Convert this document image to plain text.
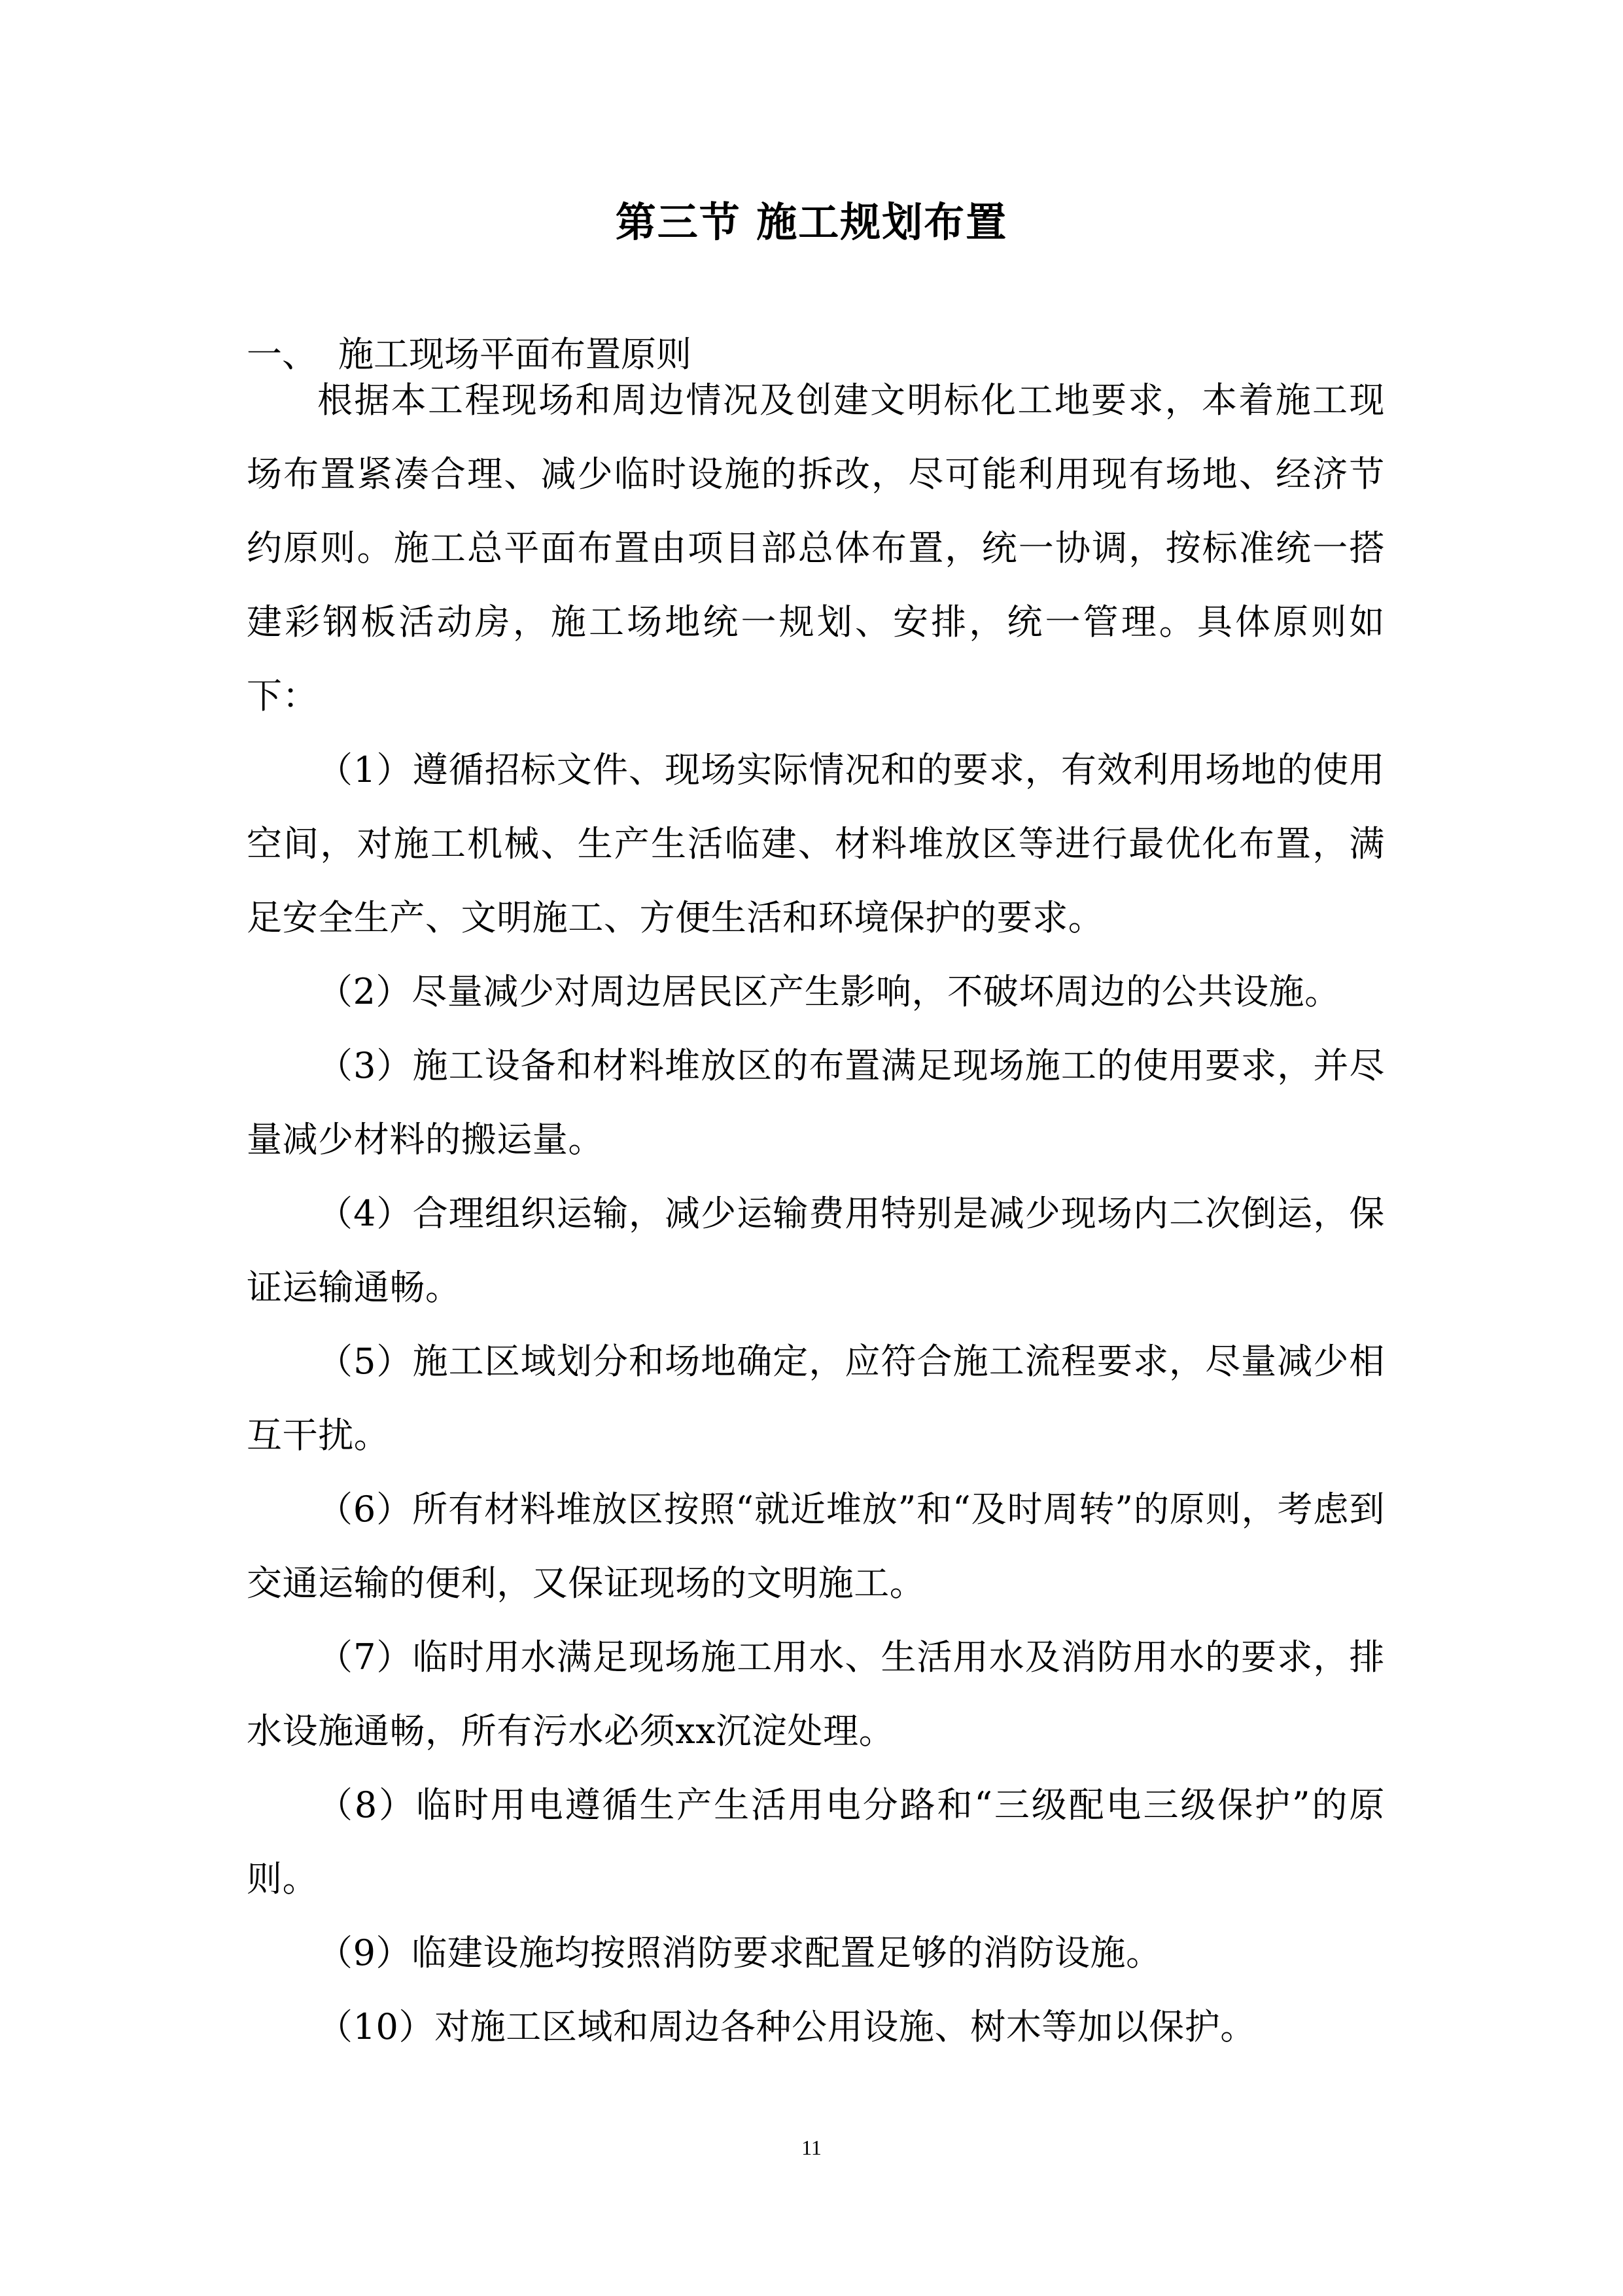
第三节 施工规划布置
一、 施工现场平面布置原则

根据本工程现场和周边情况及创建文明标化工地要求，本着施工现场布置紧凑合理、减少临时设施的拆改，尽可能利用现有场地、经济节约原则。施工总平面布置由项目部总体布置，统一协调，按标准统一搭建彩钢板活动房，施工场地统一规划、安排，统一管理。具体原则如下：

（1）遵循招标文件、现场实际情况和的要求，有效利用场地的使用空间，对施工机械、生产生活临建、材料堆放区等进行最优化布置，满足安全生产、文明施工、方便生活和环境保护的要求。

（2）尽量减少对周边居民区产生影响，不破坏周边的公共设施。

（3）施工设备和材料堆放区的布置满足现场施工的使用要求，并尽量减少材料的搬运量。

（4）合理组织运输，减少运输费用特别是减少现场内二次倒运，保证运输通畅。

（5）施工区域划分和场地确定，应符合施工流程要求，尽量减少相互干扰。

（6）所有材料堆放区按照“就近堆放”和“及时周转”的原则，考虑到交通运输的便利，又保证现场的文明施工。

（7）临时用水满足现场施工用水、生活用水及消防用水的要求，排水设施通畅，所有污水必须xx沉淀处理。

（8）临时用电遵循生产生活用电分路和“三级配电三级保护”的原则。

（9）临建设施均按照消防要求配置足够的消防设施。

（10）对施工区域和周边各种公用设施、树木等加以保护。

11
